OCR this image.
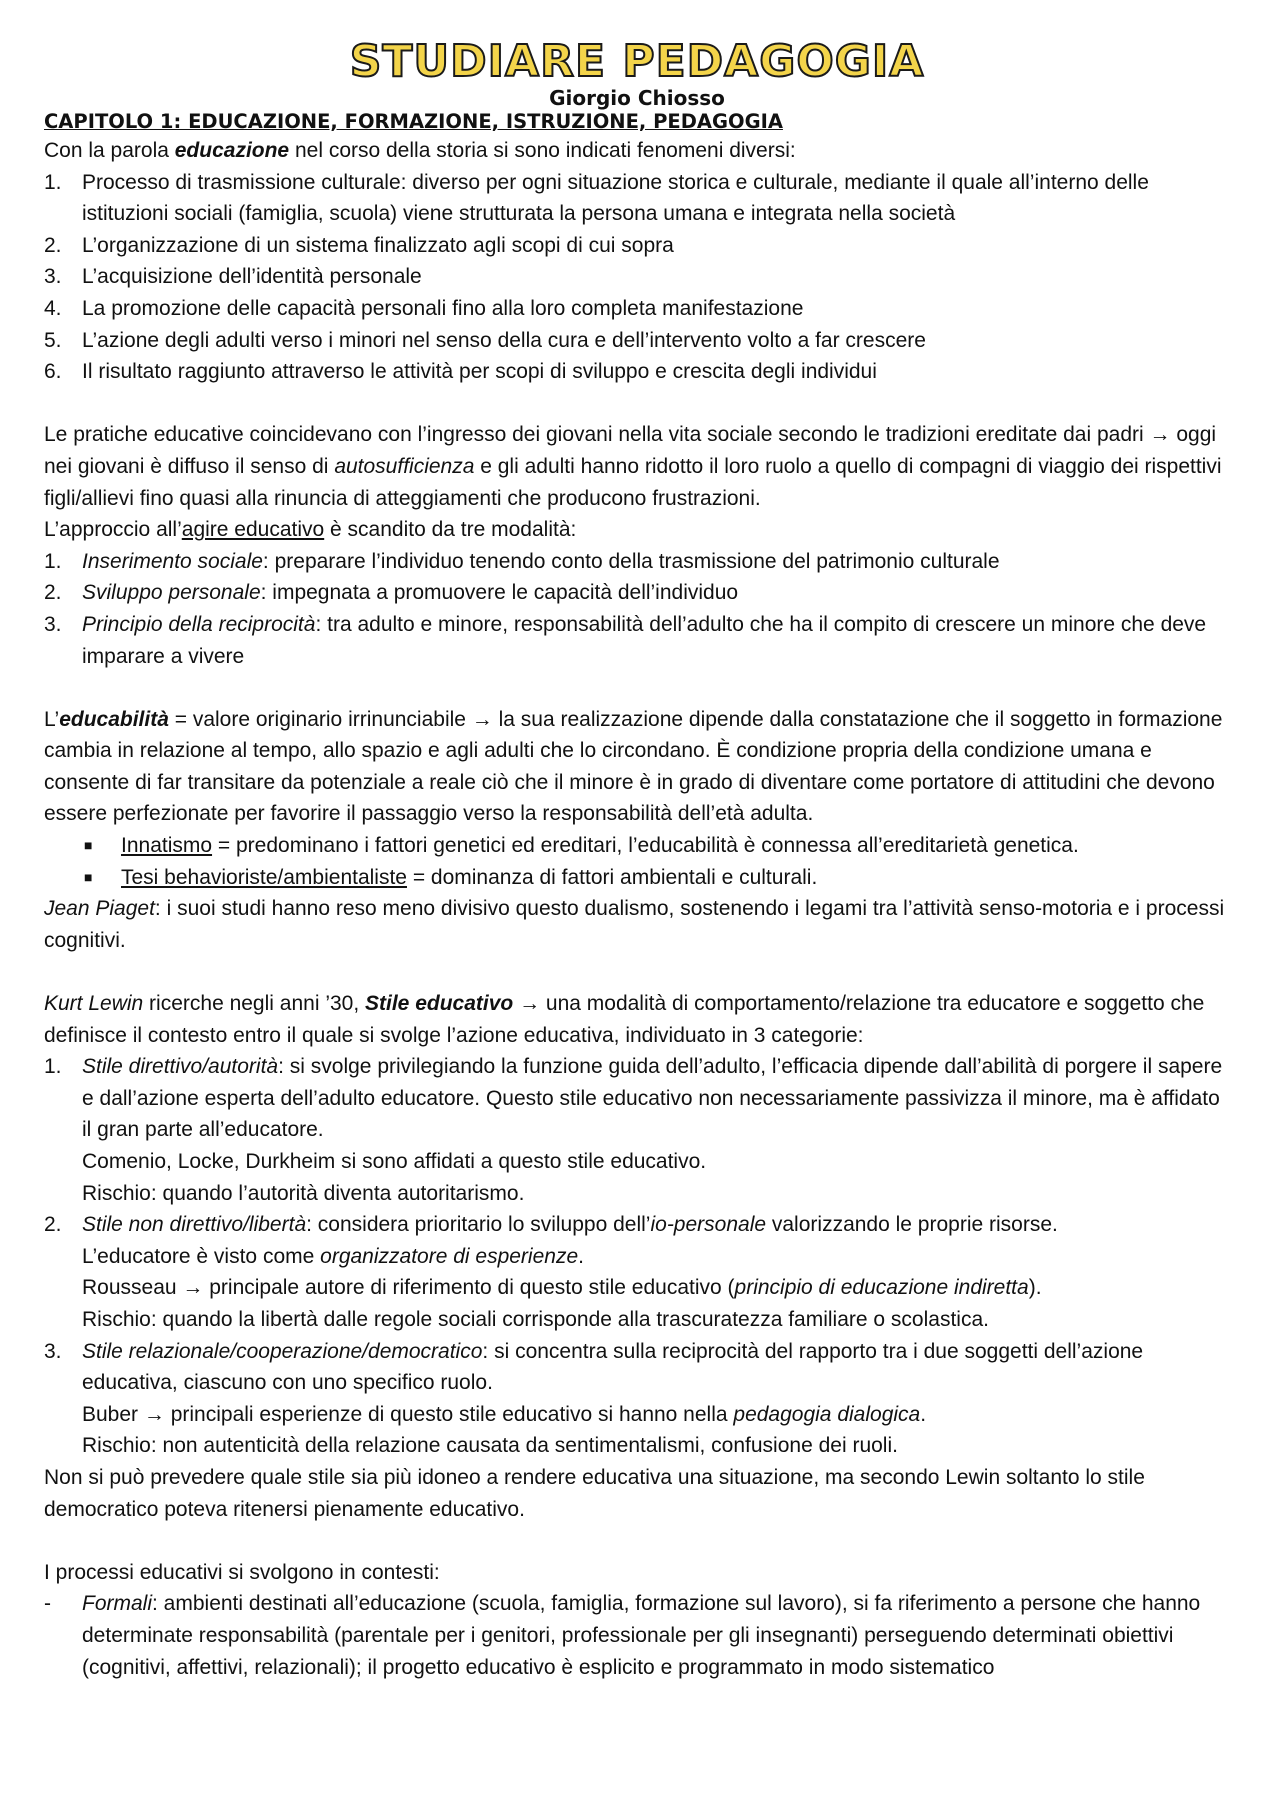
STUDIARE PEDAGOGIA
Giorgio Chiosso
CAPITOLO 1: EDUCAZIONE, FORMAZIONE, ISTRUZIONE, PEDAGOGIA

Con la parola educazione nel corso della storia si sono indicati fenomeni diversi:

1. Processo di trasmissione culturale: diverso per ogni situazione storica e culturale, mediante il quale all’interno delle istituzioni sociali (famiglia, scuola) viene strutturata la persona umana e integrata nella società
2. L’organizzazione di un sistema finalizzato agli scopi di cui sopra
3. L’acquisizione dell’identità personale
4. La promozione delle capacità personali fino alla loro completa manifestazione
5. L’azione degli adulti verso i minori nel senso della cura e dell’intervento volto a far crescere
6. Il risultato raggiunto attraverso le attività per scopi di sviluppo e crescita degli individui

Le pratiche educative coincidevano con l’ingresso dei giovani nella vita sociale secondo le tradizioni ereditate dai padri → oggi nei giovani è diffuso il senso di autosufficienza e gli adulti hanno ridotto il loro ruolo a quello di compagni di viaggio dei rispettivi figli/allievi fino quasi alla rinuncia di atteggiamenti che producono frustrazioni.

L’approccio all’agire educativo è scandito da tre modalità:

1. Inserimento sociale: preparare l’individuo tenendo conto della trasmissione del patrimonio culturale
2. Sviluppo personale: impegnata a promuovere le capacità dell’individuo
3. Principio della reciprocità: tra adulto e minore, responsabilità dell’adulto che ha il compito di crescere un minore che deve imparare a vivere

L’educabilità = valore originario irrinunciabile → la sua realizzazione dipende dalla constatazione che il soggetto in formazione cambia in relazione al tempo, allo spazio e agli adulti che lo circondano. È condizione propria della condizione umana e consente di far transitare da potenziale a reale ciò che il minore è in grado di diventare come portatore di attitudini che devono essere perfezionate per favorire il passaggio verso la responsabilità dell’età adulta.

■ Innatismo = predominano i fattori genetici ed ereditari, l’educabilità è connessa all’ereditarietà genetica.
■ Tesi behavioriste/ambientaliste = dominanza di fattori ambientali e culturali.

Jean Piaget: i suoi studi hanno reso meno divisivo questo dualismo, sostenendo i legami tra l’attività senso-motoria e i processi cognitivi.

Kurt Lewin ricerche negli anni ’30, Stile educativo → una modalità di comportamento/relazione tra educatore e soggetto che definisce il contesto entro il quale si svolge l’azione educativa, individuato in 3 categorie:

1. Stile direttivo/autorità: si svolge privilegiando la funzione guida dell’adulto, l’efficacia dipende dall’abilità di porgere il sapere e dall’azione esperta dell’adulto educatore. Questo stile educativo non necessariamente passivizza il minore, ma è affidato il gran parte all’educatore.
Comenio, Locke, Durkheim si sono affidati a questo stile educativo.
Rischio: quando l’autorità diventa autoritarismo.
2. Stile non direttivo/libertà: considera prioritario lo sviluppo dell’io-personale valorizzando le proprie risorse.
L’educatore è visto come organizzatore di esperienze.
Rousseau → principale autore di riferimento di questo stile educativo (principio di educazione indiretta).
Rischio: quando la libertà dalle regole sociali corrisponde alla trascuratezza familiare o scolastica.
3. Stile relazionale/cooperazione/democratico: si concentra sulla reciprocità del rapporto tra i due soggetti dell’azione educativa, ciascuno con uno specifico ruolo.
Buber → principali esperienze di questo stile educativo si hanno nella pedagogia dialogica.
Rischio: non autenticità della relazione causata da sentimentalismi, confusione dei ruoli.

Non si può prevedere quale stile sia più idoneo a rendere educativa una situazione, ma secondo Lewin soltanto lo stile democratico poteva ritenersi pienamente educativo.

I processi educativi si svolgono in contesti:

- Formali: ambienti destinati all’educazione (scuola, famiglia, formazione sul lavoro), si fa riferimento a persone che hanno determinate responsabilità (parentale per i genitori, professionale per gli insegnanti) perseguendo determinati obiettivi (cognitivi, affettivi, relazionali); il progetto educativo è esplicito e programmato in modo sistematico
